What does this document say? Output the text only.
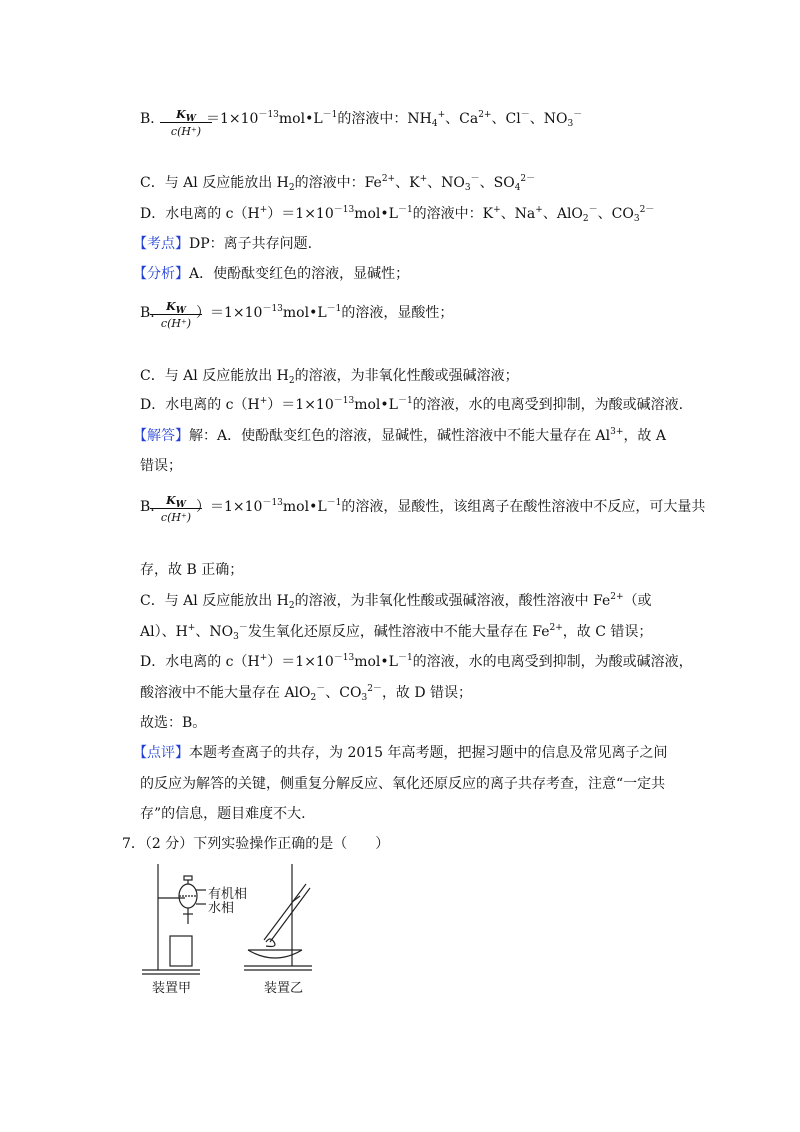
B．
$\frac{K_W}{c(H^+)}$
$=1\times 10^{-13}mol•L^{-1}$的溶液中：$NH_4^+$、$Ca^{2+}$、Cl－、$NO_3^-$
C．与 Al 反应能放出 $H_2$的溶液中：$Fe^{2+}$、K+、$NO_3^-$、$SO_4^{2-}$
D．水电离的 $c(H^+)=1\times 10^{-13}mol•L^{-1}$的溶液中：K+、Na+、AlO$_2$－、$CO_3^{2-}$
【考点】DP：离子共存问题.
【分析】A．使酚酞变红色的溶液，显碱性；
B.
$\frac{K_W}{c(H^+)}$
）$=1\times 10^{-13}mol•L^{-1}$的溶液，显酸性；
C．与 Al 反应能放出 $H_2$的溶液，为非氧化性酸或强碱溶液；
D．水电离的 $c(H^+)=1\times 10^{-13}mol•L^{-1}$的溶液，水的电离受到抑制，为酸或碱溶液.
【解答】解：A．使酚酞变红色的溶液，显碱性，碱性溶液中不能大量存在 $Al^{3+}$，故 A
错误；
B.
$\frac{K_W}{c(H^+)}$
）$=1\times 10^{-13}mol•L^{-1}$的溶液，显酸性，该组离子在酸性溶液中不反应，可大量共
存，故 B 正确；
C．与 Al 反应能放出 $H_2$的溶液，为非氧化性酸或强碱溶液，酸性溶液中 $Fe^{2+}$（或
Al）、H+、$NO_3^-$发生氧化还原反应，碱性溶液中不能大量存在 $Fe^{2+}$，故 C 错误；
D．水电离的 $c(H^+)=1\times 10^{-13}mol•L^{-1}$的溶液，水的电离受到抑制，为酸或碱溶液，
酸溶液中不能大量存在 AlO$_2$－、$CO_3^{2-}$，故 D 错误；
故选：B。
【点评】本题考查离子的共存，为 2015 年高考题，把握习题中的信息及常见离子之间
的反应为解答的关键，侧重复分解反应、氧化还原反应的离子共存考查，注意“一定共
存”的信息，题目难度不大.
7．（2 分）下列实验操作正确的是（　　）
有机相
水相
装置甲	装置乙
